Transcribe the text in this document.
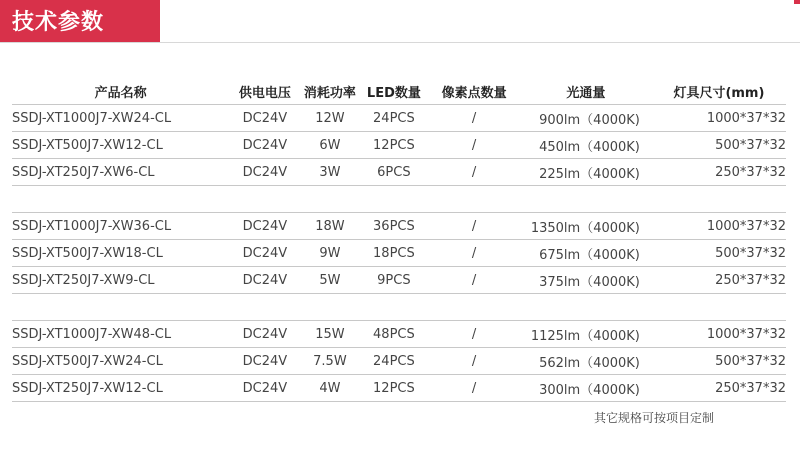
技术参数
产品名称	供电电压	消耗功率	LED数量	像素点数量	光通量	灯具尺寸(mm)
SSDJ-XT1000J7-XW24-CL	DC24V	12W	24PCS	/	900lm（4000K)	1000*37*32
SSDJ-XT500J7-XW12-CL	DC24V	6W	12PCS	/	450lm（4000K)	500*37*32
SSDJ-XT250J7-XW6-CL	DC24V	3W	6PCS	/	225lm（4000K)	250*37*32

SSDJ-XT1000J7-XW36-CL	DC24V	18W	36PCS	/	1350lm（4000K)	1000*37*32
SSDJ-XT500J7-XW18-CL	DC24V	9W	18PCS	/	675lm（4000K)	500*37*32
SSDJ-XT250J7-XW9-CL	DC24V	5W	9PCS	/	375lm（4000K)	250*37*32

SSDJ-XT1000J7-XW48-CL	DC24V	15W	48PCS	/	1125lm（4000K)	1000*37*32
SSDJ-XT500J7-XW24-CL	DC24V	7.5W	24PCS	/	562lm（4000K)	500*37*32
SSDJ-XT250J7-XW12-CL	DC24V	4W	12PCS	/	300lm（4000K)	250*37*32
其它规格可按项目定制
